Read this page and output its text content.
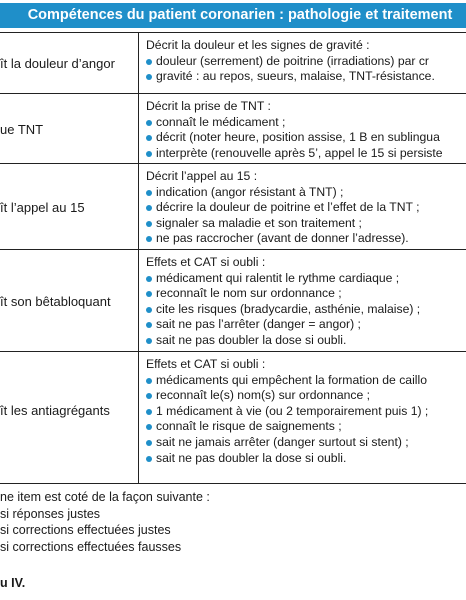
Compétences du patient coronarien : pathologie et traitement
ît la douleur d’angor
Décrit la douleur et les signes de gravité :
douleur (serrement) de poitrine (irradiations) par cr
gravité : au repos, sueurs, malaise, TNT-résistance.
ue TNT
Décrit la prise de TNT :
connaît le médicament ;
décrit (noter heure, position assise, 1 B en sublingua
interprète (renouvelle après 5’, appel le 15 si persiste
ît l’appel au 15
Décrit l’appel au 15 :
indication (angor résistant à TNT) ;
décrire la douleur de poitrine et l’effet de la TNT ;
signaler sa maladie et son traitement ;
ne pas raccrocher (avant de donner l’adresse).
ît son bêtabloquant
Effets et CAT si oubli :
médicament qui ralentit le rythme cardiaque ;
reconnaît le nom sur ordonnance ;
cite les risques (bradycardie, asthénie, malaise) ;
sait ne pas l’arrêter (danger = angor) ;
sait ne pas doubler la dose si oubli.
ît les antiagrégants
Effets et CAT si oubli :
médicaments qui empêchent la formation de caillo
reconnaît le(s) nom(s) sur ordonnance ;
1 médicament à vie (ou 2 temporairement puis 1) ;
connaît le risque de saignements ;
sait ne jamais arrêter (danger surtout si stent) ;
sait ne pas doubler la dose si oubli.
ne item est coté de la façon suivante :
si réponses justes
si corrections effectuées justes
si corrections effectuées fausses
u IV.
